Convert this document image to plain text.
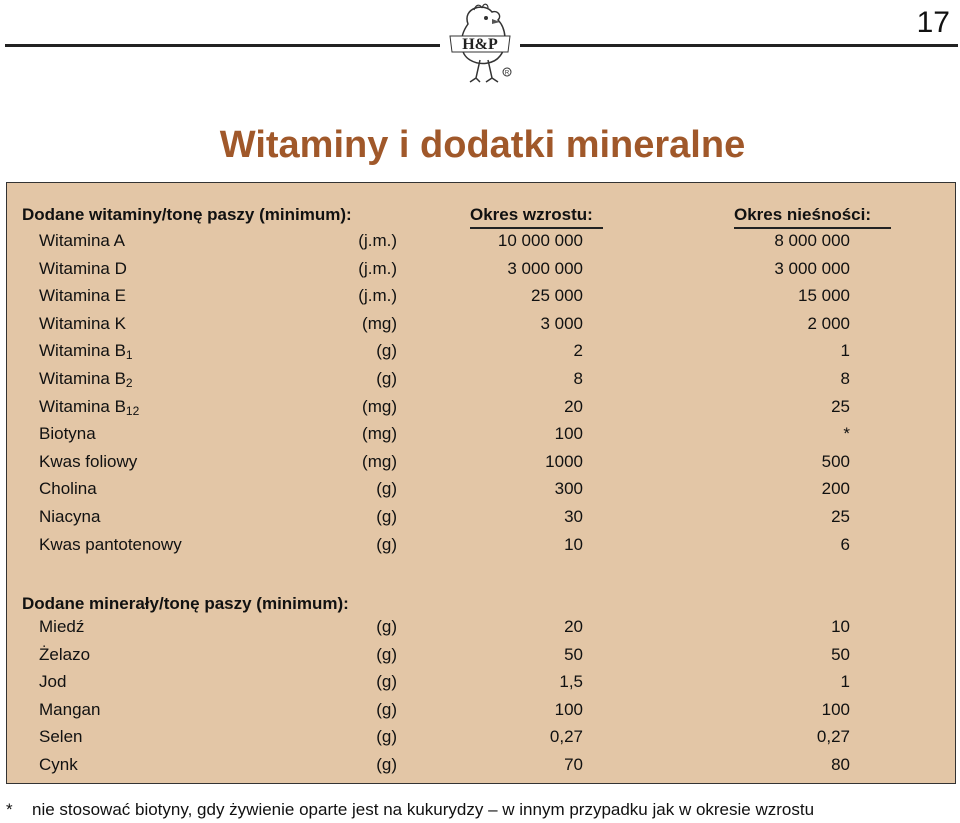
17
H&P
R
Witaminy i dodatki mineralne
Dodane witaminy/tonę paszy (minimum):	Okres wzrostu:	Okres nieśności:
Witamina A	(j.m.)	10 000 000	8 000 000
Witamina D	(j.m.)	3 000 000	3 000 000
Witamina E	(j.m.)	25 000	15 000
Witamina K	(mg)	3 000	2 000
Witamina $B_1$	(g)	2	1
Witamina $B_2$	(g)	8	8
Witamina $B_{12}$	(mg)	20	25
Biotyna	(mg)	100	*
Kwas foliowy	(mg)	1000	500
Cholina	(g)	300	200
Niacyna	(g)	30	25
Kwas pantotenowy	(g)	10	6
Dodane minerały/tonę paszy (minimum):
Miedź	(g)	20	10
Żelazo	(g)	50	50
Jod	(g)	1,5	1
Mangan	(g)	100	100
Selen	(g)	0,27	0,27
Cynk	(g)	70	80
* nie stosować biotyny, gdy żywienie oparte jest na kukurydzy – w innym przypadku jak w okresie wzrostu
